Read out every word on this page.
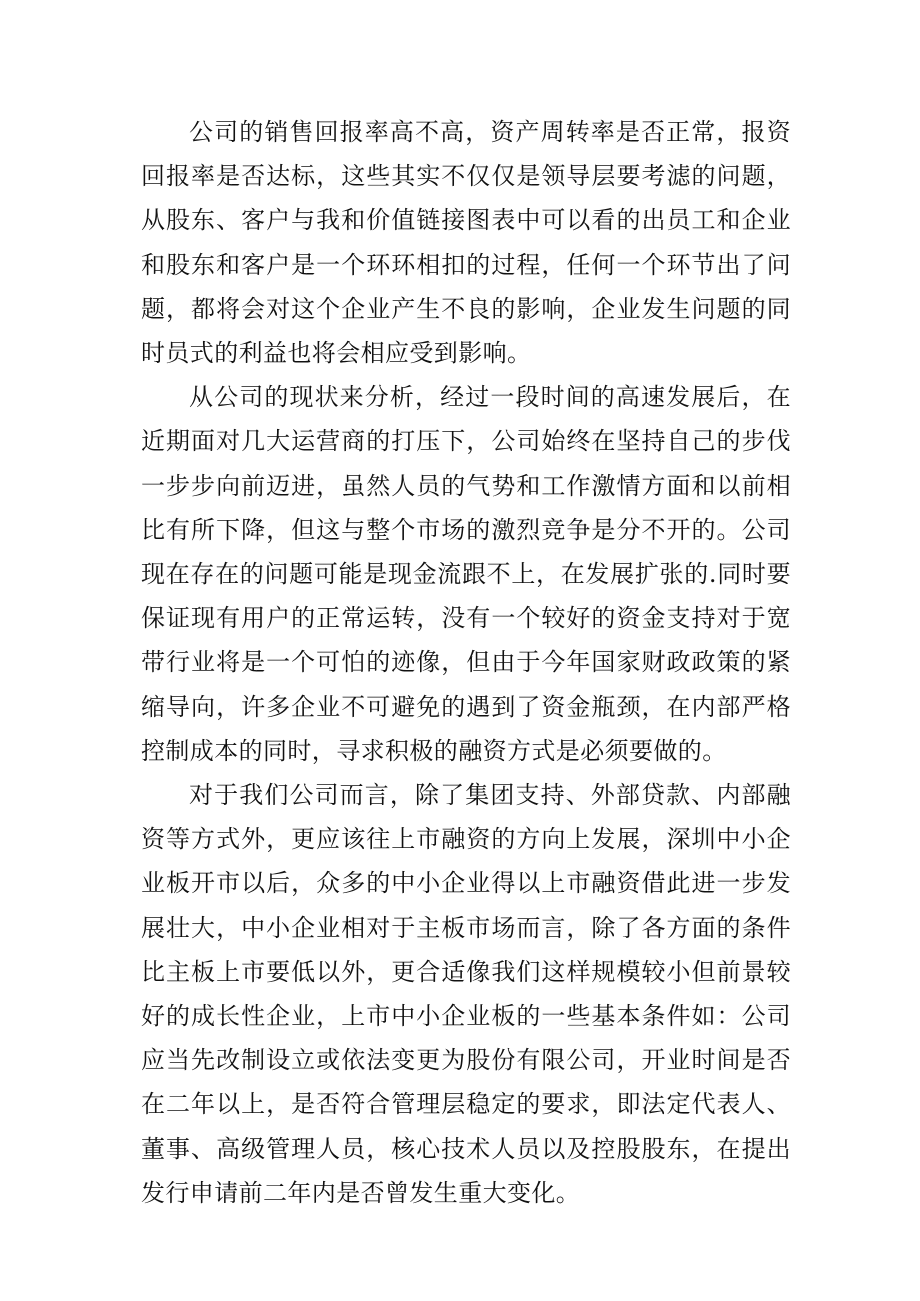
公司的销售回报率高不高，资产周转率是否正常，报资回报率是否达标，这些其实不仅仅是领导层要考滤的问题，从股东、客户与我和价值链接图表中可以看的出员工和企业和股东和客户是一个环环相扣的过程，任何一个环节出了问题，都将会对这个企业产生不良的影响，企业发生问题的同时员式的利益也将会相应受到影响。

从公司的现状来分析，经过一段时间的高速发展后，在近期面对几大运营商的打压下，公司始终在坚持自己的步伐一步步向前迈进，虽然人员的气势和工作激情方面和以前相比有所下降，但这与整个市场的激烈竞争是分不开的。公司现在存在的问题可能是现金流跟不上，在发展扩张的.同时要保证现有用户的正常运转，没有一个较好的资金支持对于宽带行业将是一个可怕的迹像，但由于今年国家财政政策的紧缩导向，许多企业不可避免的遇到了资金瓶颈，在内部严格控制成本的同时，寻求积极的融资方式是必须要做的。

对于我们公司而言，除了集团支持、外部贷款、内部融资等方式外，更应该往上市融资的方向上发展，深圳中小企业板开市以后，众多的中小企业得以上市融资借此进一步发展壮大，中小企业相对于主板市场而言，除了各方面的条件比主板上市要低以外，更合适像我们这样规模较小但前景较好的成长性企业，上市中小企业板的一些基本条件如：公司应当先改制设立或依法变更为股份有限公司，开业时间是否在二年以上，是否符合管理层稳定的要求，即法定代表人、董事、高级管理人员，核心技术人员以及控股股东，在提出发行申请前二年内是否曾发生重大变化。
